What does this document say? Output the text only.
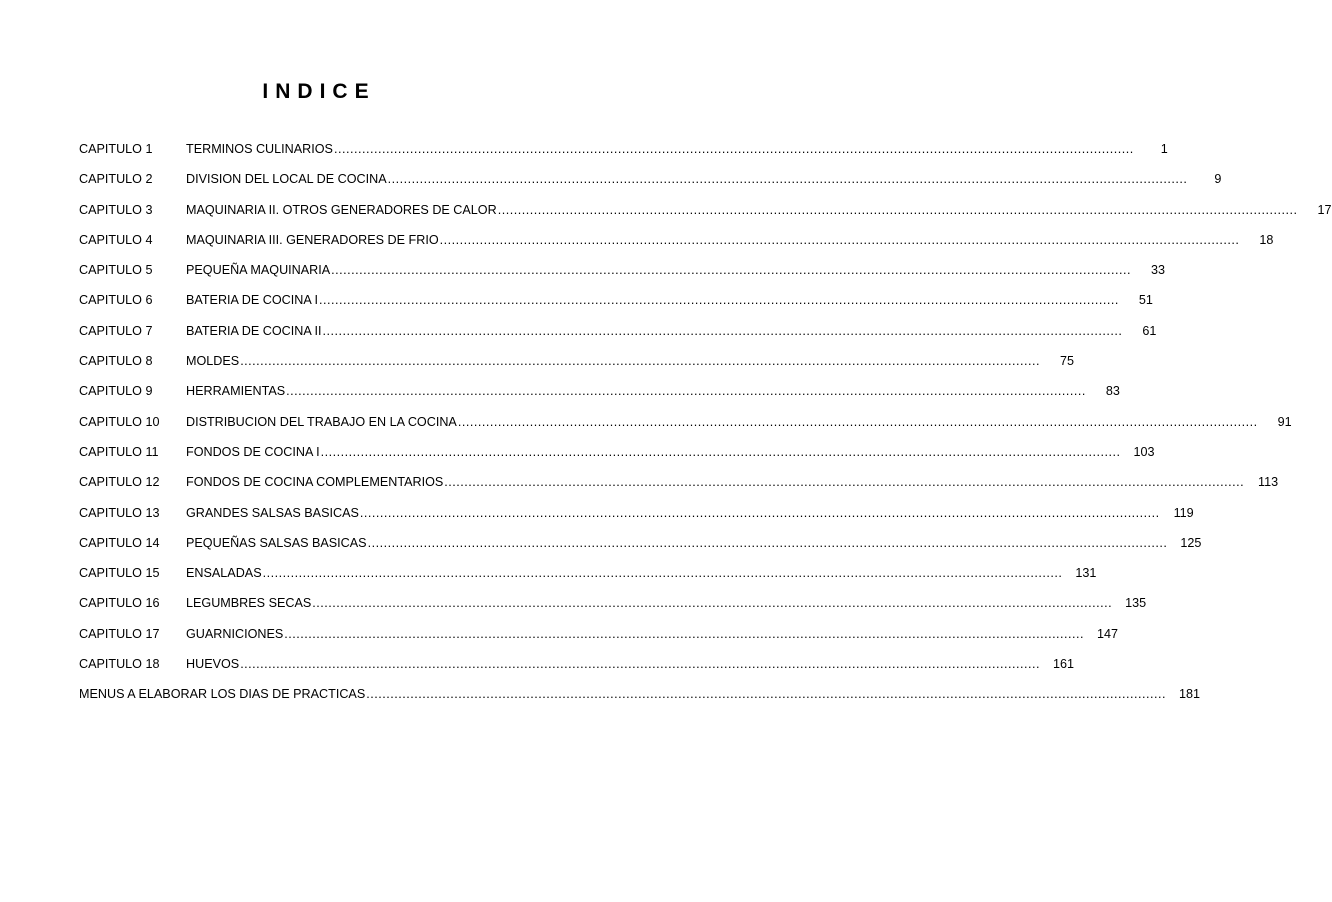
INDICE
CAPITULO 1	TERMINOS CULINARIOS ........................................................................................................................................................................................................	1
CAPITULO 2	DIVISION DEL LOCAL DE COCINA ........................................................................................................................................................................................................	9
CAPITULO 3	MAQUINARIA II. OTROS GENERADORES DE CALOR ........................................................................................................................................................................................................	17
CAPITULO 4	MAQUINARIA III. GENERADORES DE FRIO ........................................................................................................................................................................................................	18
CAPITULO 5	PEQUEÑA MAQUINARIA ........................................................................................................................................................................................................	33
CAPITULO 6	BATERIA DE COCINA I ........................................................................................................................................................................................................	51
CAPITULO 7	BATERIA DE COCINA II ........................................................................................................................................................................................................	61
CAPITULO 8	MOLDES ........................................................................................................................................................................................................	75
CAPITULO 9	HERRAMIENTAS ........................................................................................................................................................................................................	83
CAPITULO 10	DISTRIBUCION DEL TRABAJO EN LA COCINA ........................................................................................................................................................................................................	91
CAPITULO 11	FONDOS DE COCINA I ........................................................................................................................................................................................................	103
CAPITULO 12	FONDOS DE COCINA COMPLEMENTARIOS ........................................................................................................................................................................................................	113
CAPITULO 13	GRANDES SALSAS BASICAS ........................................................................................................................................................................................................	119
CAPITULO 14	PEQUEÑAS SALSAS BASICAS ........................................................................................................................................................................................................	125
CAPITULO 15	ENSALADAS ........................................................................................................................................................................................................	131
CAPITULO 16	LEGUMBRES SECAS ........................................................................................................................................................................................................	135
CAPITULO 17	GUARNICIONES ........................................................................................................................................................................................................	147
CAPITULO 18	HUEVOS ........................................................................................................................................................................................................	161
MENUS A ELABORAR LOS DIAS DE PRACTICAS ........................................................................................................................................................................................................	181
